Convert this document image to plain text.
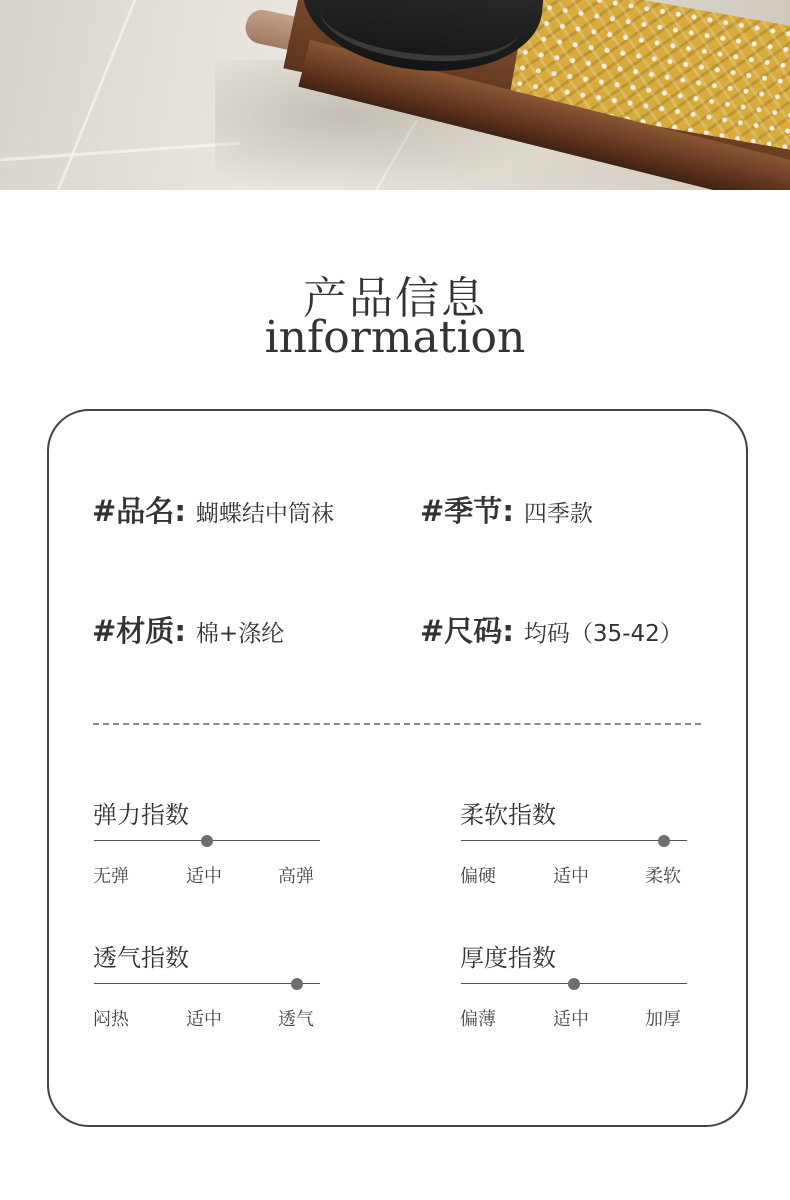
产品信息
information
#品名 : 蝴蝶结中筒袜	#季节 : 四季款
#材质 : 棉+涤纶	#尺码 : 均码（35-42）
弹力指数
无弹	适中	高弹
柔软指数
偏硬	适中	柔软
透气指数
闷热	适中	透气
厚度指数
偏薄	适中	加厚
